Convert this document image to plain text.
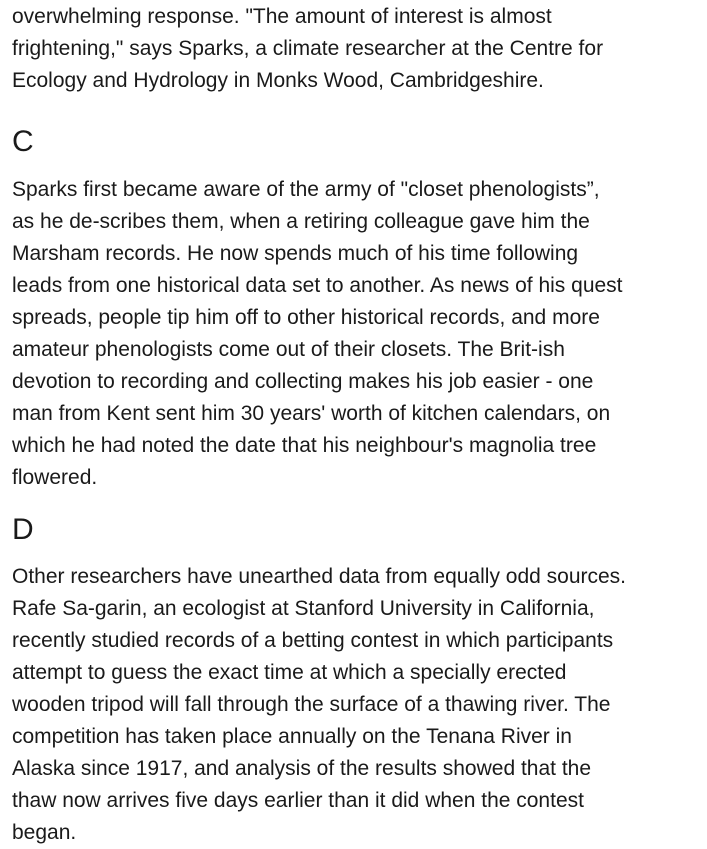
overwhelming response. "The amount of interest is almost
frightening," says Sparks, a climate researcher at the Centre for
Ecology and Hydrology in Monks Wood, Cambridgeshire.

C

Sparks first became aware of the army of "closet phenologists”,
as he de-scribes them, when a retiring colleague gave him the
Marsham records. He now spends much of his time following
leads from one historical data set to another. As news of his quest
spreads, people tip him off to other historical records, and more
amateur phenologists come out of their closets. The Brit-ish
devotion to recording and collecting makes his job easier - one
man from Kent sent him 30 years' worth of kitchen calendars, on
which he had noted the date that his neighbour's magnolia tree
flowered.

D

Other researchers have unearthed data from equally odd sources.
Rafe Sa-garin, an ecologist at Stanford University in California,
recently studied records of a betting contest in which participants
attempt to guess the exact time at which a specially erected
wooden tripod will fall through the surface of a thawing river. The
competition has taken place annually on the Tenana River in
Alaska since 1917, and analysis of the results showed that the
thaw now arrives five days earlier than it did when the contest
began.
